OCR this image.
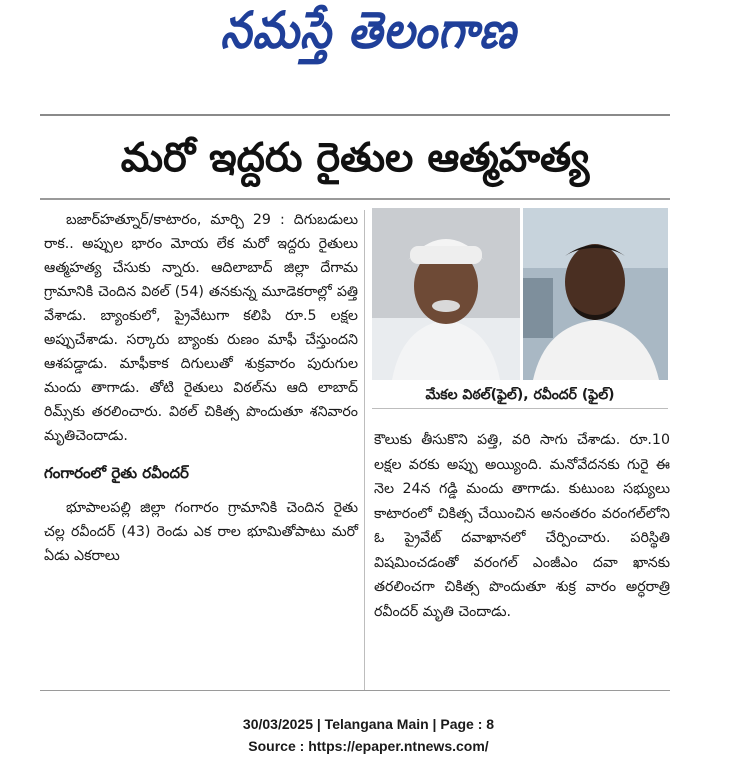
నమస్తే తెలంగాణ
మరో ఇద్దరు రైతుల ఆత్మహత్య

బజార్‌హత్నూర్/కాటారం, మార్చి 29 : దిగుబడులు రాక.. అప్పుల భారం మోయ లేక మరో ఇద్దరు రైతులు ఆత్మహత్య చేసుకు న్నారు. ఆదిలాబాద్ జిల్లా దేగామ గ్రామానికి చెందిన విఠల్ (54) తనకున్న మూడెకరాల్లో పత్తి వేశాడు. బ్యాంకులో, ప్రైవేటుగా కలిపి రూ.5 లక్షల అప్పుచేశాడు. సర్కారు బ్యాంకు రుణం మాఫీ చేస్తుందని ఆశపడ్డాడు. మాఫీకాక దిగులుతో శుక్రవారం పురుగుల మందు తాగాడు. తోటి రైతులు విఠల్‌ను ఆది లాబాద్ రిమ్స్‌కు తరలించారు. విఠల్ చికిత్స పొందుతూ శనివారం మృతిచెందాడు.

గంగారంలో రైతు రవీందర్

భూపాలపల్లి జిల్లా గంగారం గ్రామానికి చెందిన రైతు చల్ల రవీందర్ (43) రెండు ఎక రాల భూమితోపాటు మరో ఏడు ఎకరాలు

మేకల విఠల్(ఫైల్), రవీందర్ (ఫైల్)

కౌలుకు తీసుకొని పత్తి, వరి సాగు చేశాడు. రూ.10 లక్షల వరకు అప్పు అయ్యింది. మనోవేదనకు గురై ఈ నెల 24న గడ్డి మందు తాగాడు. కుటుంబ సభ్యులు కాటారంలో చికిత్స చేయించిన అనంతరం వరంగల్‌లోని ఓ ప్రైవేట్ దవాఖానలో చేర్పించారు. పరిస్థితి విషమించడంతో వరంగల్ ఎంజీఎం దవా ఖానకు తరలించగా చికిత్స పొందుతూ శుక్ర వారం అర్ధరాత్రి రవీందర్ మృతి చెందాడు.

30/03/2025 | Telangana Main | Page : 8
Source : https://epaper.ntnews.com/
